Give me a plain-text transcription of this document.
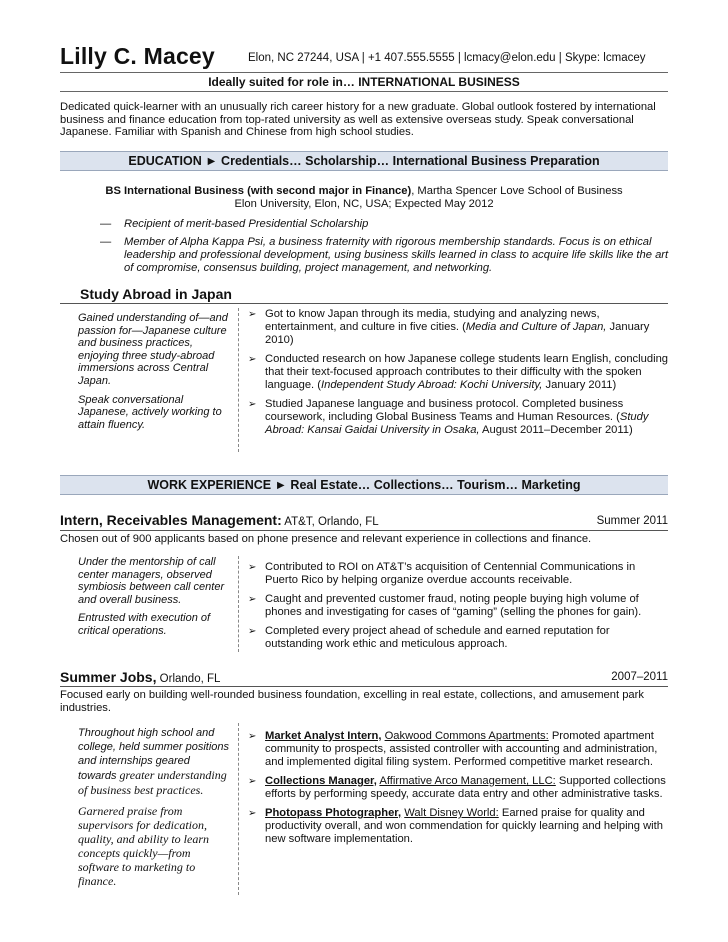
Lilly C. Macey	Elon, NC 27244, USA | +1 407.555.5555 | lcmacy@elon.edu | Skype: lcmacey
Ideally suited for role in… INTERNATIONAL BUSINESS
Dedicated quick-learner with an unusually rich career history for a new graduate. Global outlook fostered by international business and finance education from top-rated university as well as extensive overseas study. Speak conversational Japanese. Familiar with Spanish and Chinese from high school studies.
EDUCATION ► Credentials… Scholarship… International Business Preparation
BS International Business (with second major in Finance), Martha Spencer Love School of Business
Elon University, Elon, NC, USA; Expected May 2012
— Recipient of merit-based Presidential Scholarship
— Member of Alpha Kappa Psi, a business fraternity with rigorous membership standards. Focus is on ethical leadership and professional development, using business skills learned in class to acquire life skills like the art of compromise, consensus building, project management, and networking.
Study Abroad in Japan

Gained understanding of—and passion for—Japanese culture and business practices, enjoying three study-abroad immersions across Central Japan.

Speak conversational Japanese, actively working to attain fluency.

➢ Got to know Japan through its media, studying and analyzing news, entertainment, and culture in five cities. (Media and Culture of Japan, January 2010)
➢ Conducted research on how Japanese college students learn English, concluding that their text-focused approach contributes to their difficulty with the spoken language. (Independent Study Abroad: Kochi University, January 2011)
➢ Studied Japanese language and business protocol. Completed business coursework, including Global Business Teams and Human Resources. (Study Abroad: Kansai Gaidai University in Osaka, August 2011–December 2011)
WORK EXPERIENCE ► Real Estate… Collections… Tourism… Marketing
Intern, Receivables Management: AT&T, Orlando, FL	Summer 2011
Chosen out of 900 applicants based on phone presence and relevant experience in collections and finance.

Under the mentorship of call center managers, observed symbiosis between call center and overall business.

Entrusted with execution of critical operations.

➢ Contributed to ROI on AT&T’s acquisition of Centennial Communications in Puerto Rico by helping organize overdue accounts receivable.
➢ Caught and prevented customer fraud, noting people buying high volume of phones and investigating for cases of “gaming” (selling the phones for gain).
➢ Completed every project ahead of schedule and earned reputation for outstanding work ethic and meticulous approach.
Summer Jobs, Orlando, FL	2007–2011
Focused early on building well-rounded business foundation, excelling in real estate, collections, and amusement park industries.

Throughout high school and college, held summer positions and internships geared towards greater understanding of business best practices.

Garnered praise from supervisors for dedication, quality, and ability to learn concepts quickly—from software to marketing to finance.

➢ Market Analyst Intern, Oakwood Commons Apartments: Promoted apartment community to prospects, assisted controller with accounting and administration, and implemented digital filing system. Performed competitive market research.
➢ Collections Manager, Affirmative Arco Management, LLC: Supported collections efforts by performing speedy, accurate data entry and other administrative tasks.
➢ Photopass Photographer, Walt Disney World: Earned praise for quality and productivity overall, and won commendation for quickly learning and helping with new software implementation.
